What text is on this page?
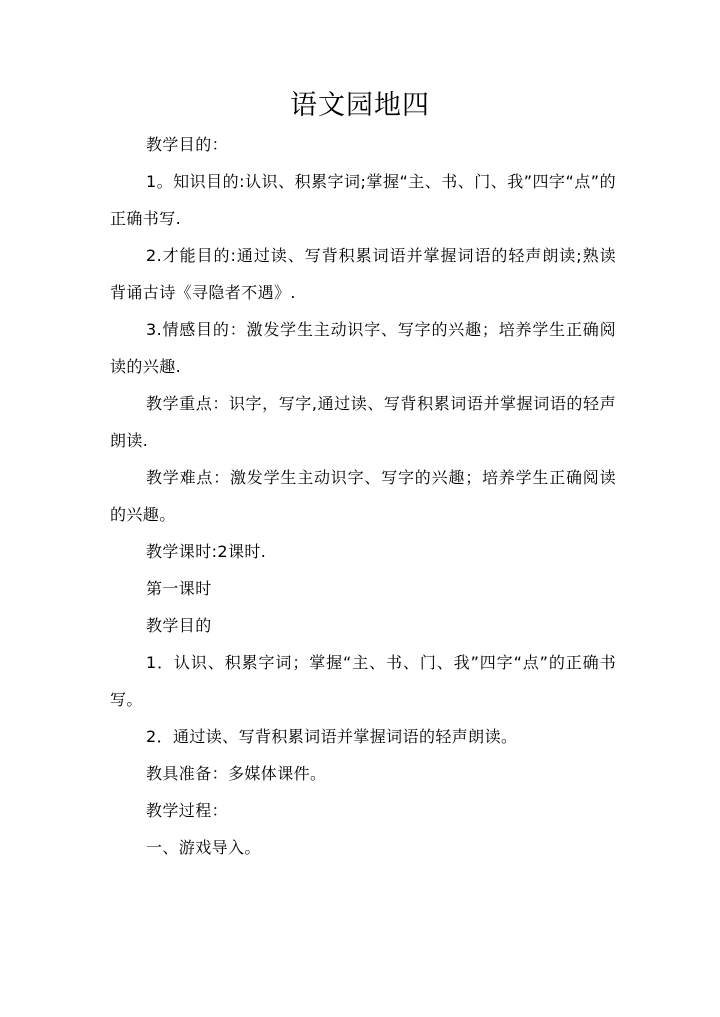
语文园地四

教学目的：

1。知识目的:认识、积累字词;掌握“主、书、门、我”四字“点”的正确书写.

2.才能目的:通过读、写背积累词语并掌握词语的轻声朗读;熟读背诵古诗《寻隐者不遇》.

3.情感目的：激发学生主动识字、写字的兴趣；培养学生正确阅读的兴趣.

教学重点：识字，写字,通过读、写背积累词语并掌握词语的轻声朗读.

教学难点：激发学生主动识字、写字的兴趣；培养学生正确阅读的兴趣。

教学课时:2课时.

第一课时

教学目的

1．认识、积累字词；掌握“主、书、门、我”四字“点”的正确书写。

2．通过读、写背积累词语并掌握词语的轻声朗读。

教具准备：多媒体课件。

教学过程：

一、游戏导入。
